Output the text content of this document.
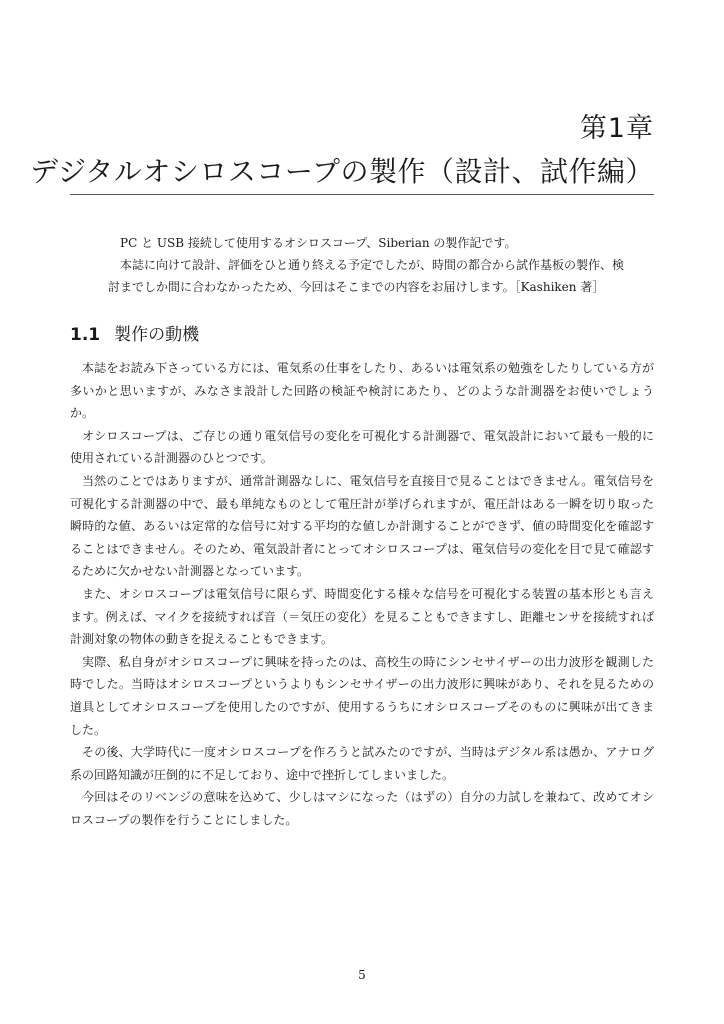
第1章
デジタルオシロスコープの製作（設計、試作編）

PC と USB 接続して使用するオシロスコープ、Siberian の製作記です。

本誌に向けて設計、評価をひと通り終える予定でしたが、時間の都合から試作基板の製作、検討までしか間に合わなかったため、今回はそこまでの内容をお届けします。［Kashiken 著］

1.1 製作の動機

本誌をお読み下さっている方には、電気系の仕事をしたり、あるいは電気系の勉強をしたりしている方が多いかと思いますが、みなさま設計した回路の検証や検討にあたり、どのような計測器をお使いでしょうか。

オシロスコープは、ご存じの通り電気信号の変化を可視化する計測器で、電気設計において最も一般的に使用されている計測器のひとつです。

当然のことではありますが、通常計測器なしに、電気信号を直接目で見ることはできません。電気信号を可視化する計測器の中で、最も単純なものとして電圧計が挙げられますが、電圧計はある一瞬を切り取った瞬時的な値、あるいは定常的な信号に対する平均的な値しか計測することができず、値の時間変化を確認することはできません。そのため、電気設計者にとってオシロスコープは、電気信号の変化を目で見て確認するために欠かせない計測器となっています。

また、オシロスコープは電気信号に限らず、時間変化する様々な信号を可視化する装置の基本形とも言えます。例えば、マイクを接続すれば音（＝気圧の変化）を見ることもできますし、距離センサを接続すれば計測対象の物体の動きを捉えることもできます。

実際、私自身がオシロスコープに興味を持ったのは、高校生の時にシンセサイザーの出力波形を観測した時でした。当時はオシロスコープというよりもシンセサイザーの出力波形に興味があり、それを見るための道具としてオシロスコープを使用したのですが、使用するうちにオシロスコープそのものに興味が出てきました。

その後、大学時代に一度オシロスコープを作ろうと試みたのですが、当時はデジタル系は愚か、アナログ系の回路知識が圧倒的に不足しており、途中で挫折してしまいました。

今回はそのリベンジの意味を込めて、少しはマシになった（はずの）自分の力試しを兼ねて、改めてオシロスコープの製作を行うことにしました。

5
